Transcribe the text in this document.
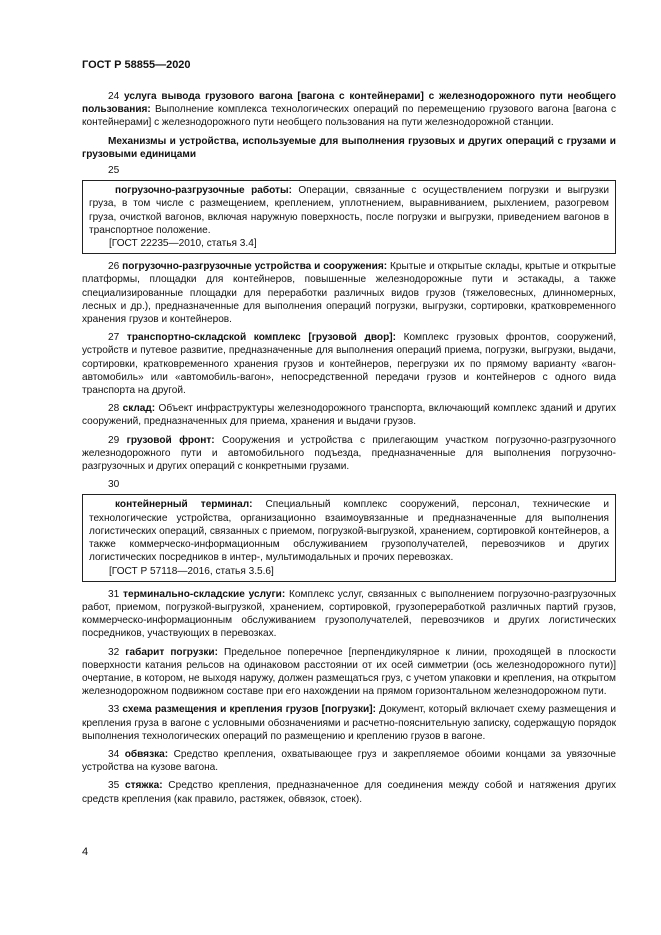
ГОСТ Р 58855—2020

24 услуга вывода грузового вагона [вагона с контейнерами] с железнодорожного пути необщего пользования: Выполнение комплекса технологических операций по перемещению грузового вагона [вагона с контейнерами] с железнодорожного пути необщего пользования на пути железнодорожной станции.

Механизмы и устройства, используемые для выполнения грузовых и других операций с грузами и грузовыми единицами

25

погрузочно-разгрузочные работы: Операции, связанные с осуществлением погрузки и выгрузки груза, в том числе с размещением, креплением, уплотнением, выравниванием, рыхлением, разогревом груза, очисткой вагонов, включая наружную поверхность, после погрузки и выгрузки, приведением вагонов в транспортное положение.

[ГОСТ 22235—2010, статья 3.4]

26 погрузочно-разгрузочные устройства и сооружения: Крытые и открытые склады, крытые и открытые платформы, площадки для контейнеров, повышенные железнодорожные пути и эстакады, а также специализированные площадки для переработки различных видов грузов (тяжеловесных, длинномерных, лесных и др.), предназначенные для выполнения операций погрузки, выгрузки, сортировки, кратковременного хранения грузов и контейнеров.

27 транспортно-складской комплекс [грузовой двор]: Комплекс грузовых фронтов, сооружений, устройств и путевое развитие, предназначенные для выполнения операций приема, погрузки, выгрузки, выдачи, сортировки, кратковременного хранения грузов и контейнеров, перегрузки их по прямому варианту «вагон-автомобиль» или «автомобиль-вагон», непосредственной передачи грузов и контейнеров с одного вида транспорта на другой.

28 склад: Объект инфраструктуры железнодорожного транспорта, включающий комплекс зданий и других сооружений, предназначенных для приема, хранения и выдачи грузов.

29 грузовой фронт: Сооружения и устройства с прилегающим участком погрузочно-разгрузочного железнодорожного пути и автомобильного подъезда, предназначенные для выполнения погрузочно-разгрузочных и других операций с конкретными грузами.

30

контейнерный терминал: Специальный комплекс сооружений, персонал, технические и технологические устройства, организационно взаимоувязанные и предназначенные для выполнения логистических операций, связанных с приемом, погрузкой-выгрузкой, хранением, сортировкой контейнеров, а также коммерческо-информационным обслуживанием грузополучателей, перевозчиков и других логистических посредников в интер-, мультимодальных и прочих перевозках.

[ГОСТ Р 57118—2016, статья 3.5.6]

31 терминально-складские услуги: Комплекс услуг, связанных с выполнением погрузочно-разгрузочных работ, приемом, погрузкой-выгрузкой, хранением, сортировкой, грузопереработкой различных партий грузов, коммерческо-информационным обслуживанием грузополучателей, перевозчиков и других логистических посредников, участвующих в перевозках.

32 габарит погрузки: Предельное поперечное [перпендикулярное к линии, проходящей в плоскости поверхности катания рельсов на одинаковом расстоянии от их осей симметрии (ось железнодорожного пути)] очертание, в котором, не выходя наружу, должен размещаться груз, с учетом упаковки и крепления, на открытом железнодорожном подвижном составе при его нахождении на прямом горизонтальном железнодорожном пути.

33 схема размещения и крепления грузов [погрузки]: Документ, который включает схему размещения и крепления груза в вагоне с условными обозначениями и расчетно-пояснительную записку, содержащую порядок выполнения технологических операций по размещению и креплению грузов в вагоне.

34 обвязка: Средство крепления, охватывающее груз и закрепляемое обоими концами за увязочные устройства на кузове вагона.

35 стяжка: Средство крепления, предназначенное для соединения между собой и натяжения других средств крепления (как правило, растяжек, обвязок, стоек).

4
